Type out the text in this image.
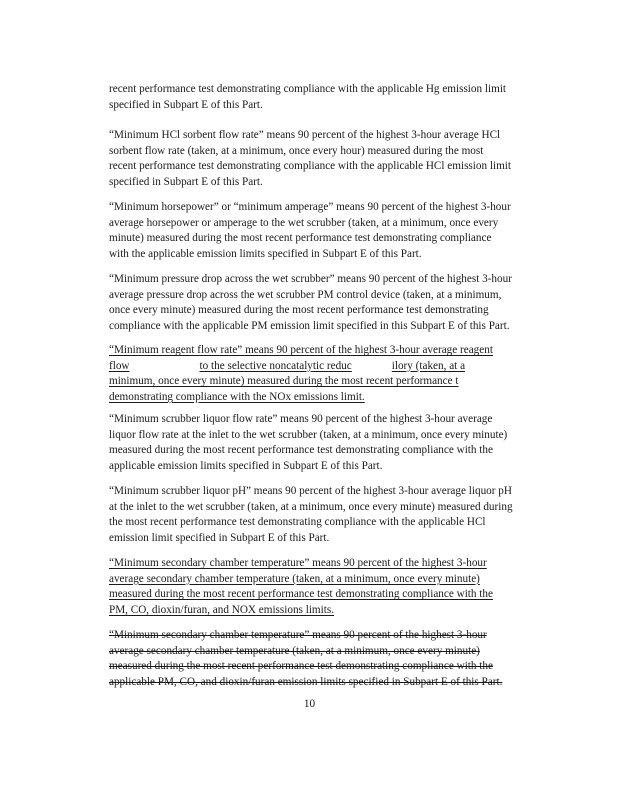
recent performance test demonstrating compliance with the applicable Hg emission limit
specified in Subpart E of this Part.

“Minimum HCl sorbent flow rate” means 90 percent of the highest 3-hour average HCl
sorbent flow rate (taken, at a minimum, once every hour) measured during the most
recent performance test demonstrating compliance with the applicable HCl emission limit
specified in Subpart E of this Part.

“Minimum horsepower” or “minimum amperage” means 90 percent of the highest 3-hour
average horsepower or amperage to the wet scrubber (taken, at a minimum, once every
minute) measured during the most recent performance test demonstrating compliance
with the applicable emission limits specified in Subpart E of this Part.

“Minimum pressure drop across the wet scrubber” means 90 percent of the highest 3-hour
average pressure drop across the wet scrubber PM control device (taken, at a minimum,
once every minute) measured during the most recent performance test demonstrating
compliance with the applicable PM emission limit specified in this Subpart E of this Part.

“Minimum reagent flow rate” means 90 percent of the highest 3-hour average reagent
flow	to the selective noncatalytic reduc	ilory (taken, at a
minimum, once every minute) measured during the most recent performance t
demonstrating compliance with the NOx emissions limit.

“Minimum scrubber liquor flow rate” means 90 percent of the highest 3-hour average
liquor flow rate at the inlet to the wet scrubber (taken, at a minimum, once every minute)
measured during the most recent performance test demonstrating compliance with the
applicable emission limits specified in Subpart E of this Part.

“Minimum scrubber liquor pH” means 90 percent of the highest 3-hour average liquor pH
at the inlet to the wet scrubber (taken, at a minimum, once every minute) measured during
the most recent performance test demonstrating compliance with the applicable HCl
emission limit specified in Subpart E of this Part.

“Minimum secondary chamber temperature” means 90 percent of the highest 3-hour
average secondary chamber temperature (taken, at a minimum, once every minute)
measured during the most recent performance test demonstrating compliance with the
PM, CO, dioxin/furan, and NOX emissions limits.

“Minimum secondary chamber temperature” means 90 percent of the highest 3-hour
average secondary chamber temperature (taken, at a minimum, once every minute)
measured during the most recent performance test demonstrating compliance with the
applicable PM, CO, and dioxin/furan emission limits specified in Subpart E of this Part.

10
